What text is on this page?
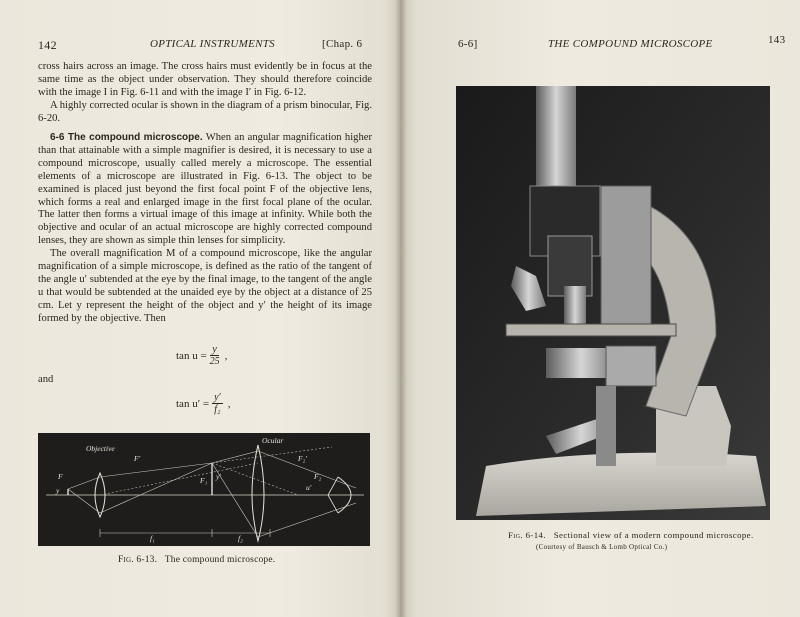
142	OPTICAL INSTRUMENTS	[Chap. 6

cross hairs across an image. The cross hairs must evidently be in focus at the same time as the object under observation. They should therefore coincide with the image I in Fig. 6-11 and with the image I′ in Fig. 6-12.

A highly corrected ocular is shown in the diagram of a prism binocular, Fig. 6-20.

6-6 The compound microscope. When an angular magnification higher than that attainable with a simple magnifier is desired, it is necessary to use a compound microscope, usually called merely a microscope. The essential elements of a microscope are illustrated in Fig. 6-13. The object to be examined is placed just beyond the first focal point F of the objective lens, which forms a real and enlarged image in the first focal plane of the ocular. The latter then forms a virtual image of this image at infinity. While both the objective and ocular of an actual microscope are highly corrected compound lenses, they are shown as simple thin lenses for simplicity.

The overall magnification M of a compound microscope, like the angular magnification of a simple microscope, is defined as the ratio of the tangent of the angle u′ subtended at the eye by the final image, to the tangent of the angle u that would be subtended at the unaided eye by the object at a distance of 25 cm. Let y represent the height of the object and y′ the height of its image formed by the objective. Then

$\tan u = \frac{y}{25}$ ,
and
$\tan u' = \frac{y'}{\text{f₂}}$ ,
Objective
Ocular
F′
F	F₁
F₂′
F₂
y
y′
u′
f₁	f₂
Fig. 6-13. The compound microscope.
6-6]	THE COMPOUND MICROSCOPE	143
Fig. 6-14. Sectional view of a modern compound microscope.
(Courtesy of Bausch & Lomb Optical Co.)
